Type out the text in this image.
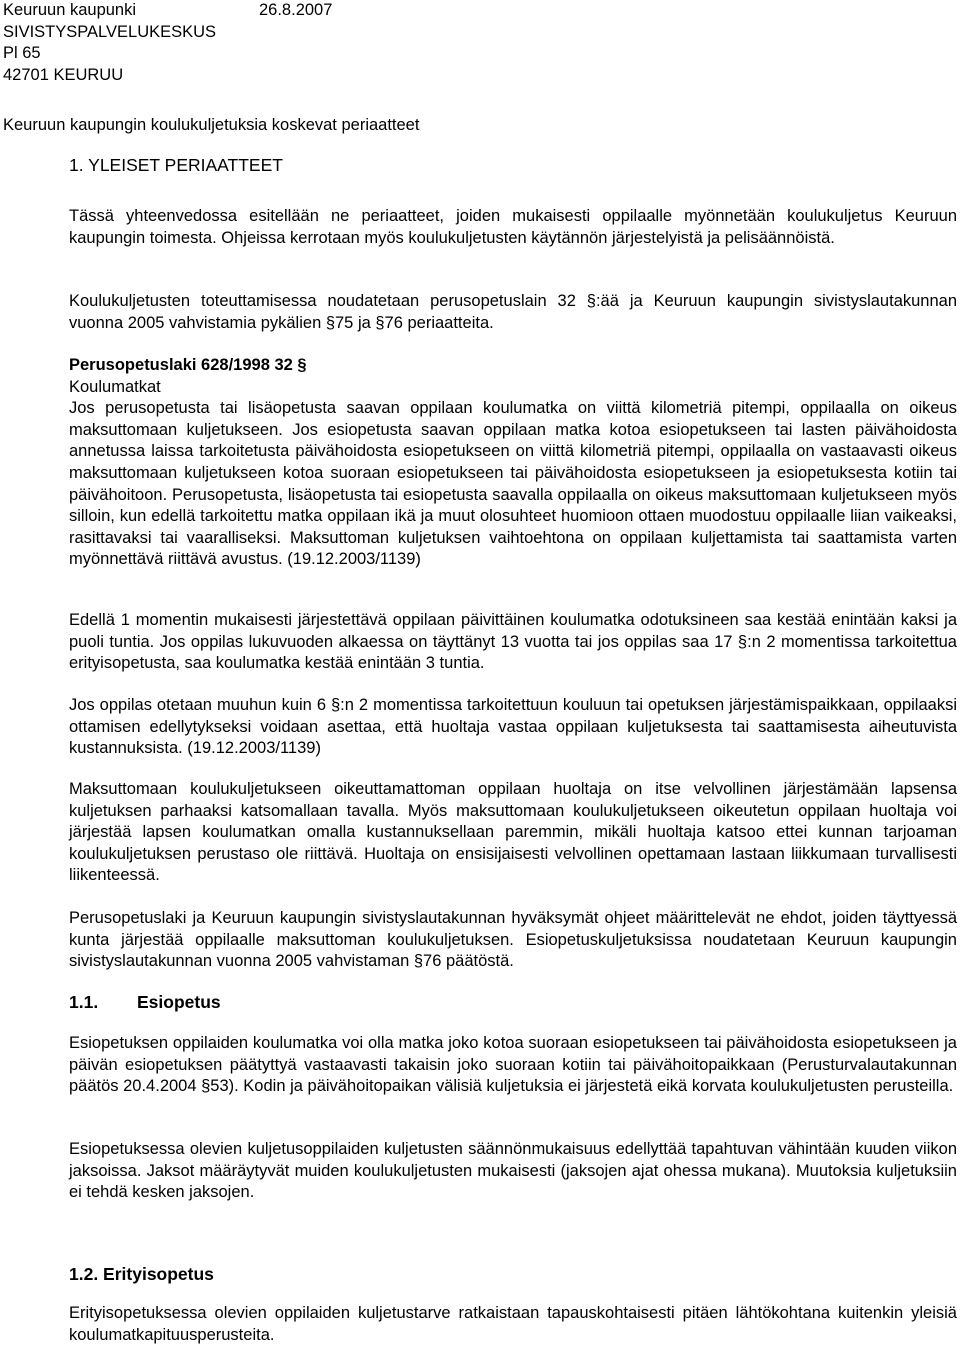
Keuruun kaupunki
SIVISTYSPALVELUKESKUS
Pl 65
42701 KEURUU
26.8.2007
Keuruun kaupungin koulukuljetuksia koskevat periaatteet
1. YLEISET PERIAATTEET

Tässä yhteenvedossa esitellään ne periaatteet, joiden mukaisesti oppilaalle myönnetään koulukuljetus Keuruun kaupungin toimesta. Ohjeissa kerrotaan myös koulukuljetusten käytännön järjestelyistä ja pelisäännöistä.

Koulukuljetusten toteuttamisessa noudatetaan perusopetuslain 32 §:ää ja Keuruun kaupungin sivistyslautakunnan vuonna 2005 vahvistamia pykälien §75 ja §76 periaatteita.

Perusopetuslaki 628/1998 32 §

Koulumatkat

Jos perusopetusta tai lisäopetusta saavan oppilaan koulumatka on viittä kilometriä pitempi, oppilaalla on oikeus maksuttomaan kuljetukseen. Jos esiopetusta saavan oppilaan matka kotoa esiopetukseen tai lasten päivähoidosta annetussa laissa tarkoitetusta päivähoidosta esiopetukseen on viittä kilometriä pitempi, oppilaalla on vastaavasti oikeus maksuttomaan kuljetukseen kotoa suoraan esiopetukseen tai päivähoidosta esiopetukseen ja esiopetuksesta kotiin tai päivähoitoon. Perusopetusta, lisäopetusta tai esiopetusta saavalla oppilaalla on oikeus maksuttomaan kuljetukseen myös silloin, kun edellä tarkoitettu matka oppilaan ikä ja muut olosuhteet huomioon ottaen muodostuu oppilaalle liian vaikeaksi, rasittavaksi tai vaaralliseksi. Maksuttoman kuljetuksen vaihtoehtona on oppilaan kuljettamista tai saattamista varten myönnettävä riittävä avustus. (19.12.2003/1139)

Edellä 1 momentin mukaisesti järjestettävä oppilaan päivittäinen koulumatka odotuksineen saa kestää enintään kaksi ja puoli tuntia. Jos oppilas lukuvuoden alkaessa on täyttänyt 13 vuotta tai jos oppilas saa 17 §:n 2 momentissa tarkoitettua erityisopetusta, saa koulumatka kestää enintään 3 tuntia.

Jos oppilas otetaan muuhun kuin 6 §:n 2 momentissa tarkoitettuun kouluun tai opetuksen järjestämispaikkaan, oppilaaksi ottamisen edellytykseksi voidaan asettaa, että huoltaja vastaa oppilaan kuljetuksesta tai saattamisesta aiheutuvista kustannuksista. (19.12.2003/1139)

Maksuttomaan koulukuljetukseen oikeuttamattoman oppilaan huoltaja on itse velvollinen järjestämään lapsensa kuljetuksen parhaaksi katsomallaan tavalla. Myös maksuttomaan koulukuljetukseen oikeutetun oppilaan huoltaja voi järjestää lapsen koulumatkan omalla kustannuksellaan paremmin, mikäli huoltaja katsoo ettei kunnan tarjoaman koulukuljetuksen perustaso ole riittävä. Huoltaja on ensisijaisesti velvollinen opettamaan lastaan liikkumaan turvallisesti liikenteessä.

Perusopetuslaki ja Keuruun kaupungin sivistyslautakunnan hyväksymät ohjeet määrittelevät ne ehdot, joiden täyttyessä kunta järjestää oppilaalle maksuttoman koulukuljetuksen. Esiopetuskuljetuksissa noudatetaan Keuruun kaupungin sivistyslautakunnan vuonna 2005 vahvistaman §76 päätöstä.

1.1. Esiopetus

Esiopetuksen oppilaiden koulumatka voi olla matka joko kotoa suoraan esiopetukseen tai päivähoidosta esiopetukseen ja päivän esiopetuksen päätyttyä vastaavasti takaisin joko suoraan kotiin tai päivähoitopaikkaan (Perusturvalautakunnan päätös 20.4.2004 §53). Kodin ja päivähoitopaikan välisiä kuljetuksia ei järjestetä eikä korvata koulukuljetusten perusteilla.

Esiopetuksessa olevien kuljetusoppilaiden kuljetusten säännönmukaisuus edellyttää tapahtuvan vähintään kuuden viikon jaksoissa. Jaksot määräytyvät muiden koulukuljetusten mukaisesti (jaksojen ajat ohessa mukana). Muutoksia kuljetuksiin ei tehdä kesken jaksojen.

1.2. Erityisopetus

Erityisopetuksessa olevien oppilaiden kuljetustarve ratkaistaan tapauskohtaisesti pitäen lähtökohtana kuitenkin yleisiä koulumatkapituusperusteita.
